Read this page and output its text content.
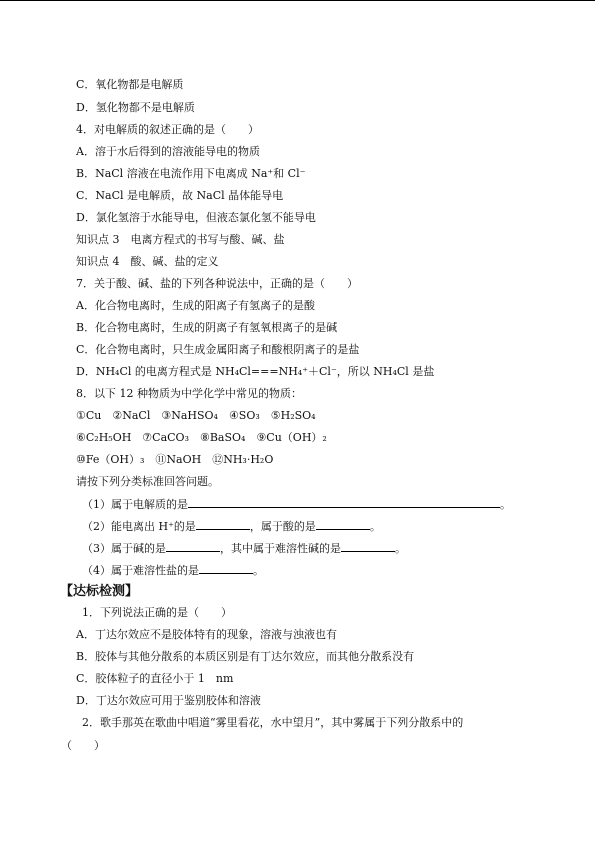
C．氧化物都是电解质
D．氢化物都不是电解质
4．对电解质的叙述正确的是（　　）
A．溶于水后得到的溶液能导电的物质
B．NaCl 溶液在电流作用下电离成 Na⁺和 Cl⁻
C．NaCl 是电解质，故 NaCl 晶体能导电
D．氯化氢溶于水能导电，但液态氯化氢不能导电
知识点 3　电离方程式的书写与酸、碱、盐
知识点 4　酸、碱、盐的定义
7．关于酸、碱、盐的下列各种说法中，正确的是（　　）
A．化合物电离时，生成的阳离子有氢离子的是酸
B．化合物电离时，生成的阴离子有氢氧根离子的是碱
C．化合物电离时，只生成金属阳离子和酸根阴离子的是盐
D．NH₄Cl 的电离方程式是 NH₄Cl===NH₄⁺＋Cl⁻，所以 NH₄Cl 是盐
8．以下 12 种物质为中学化学中常见的物质：
①Cu　②NaCl　③NaHSO₄　④SO₃　⑤H₂SO₄
⑥C₂H₅OH　⑦CaCO₃　⑧BaSO₄　⑨Cu（OH）₂
⑩Fe（OH）₃　⑪NaOH　⑫NH₃·H₂O
请按下列分类标准回答问题。
（1）属于电解质的是	。
（2）能电离出 H⁺的是	，属于酸的是	。
（3）属于碱的是	，其中属于难溶性碱的是	。
（4）属于难溶性盐的是	。
【达标检测】
1．下列说法正确的是（　　）
A．丁达尔效应不是胶体特有的现象，溶液与浊液也有
B．胶体与其他分散系的本质区别是有丁达尔效应，而其他分散系没有
C．胶体粒子的直径小于 1　nm
D．丁达尔效应可用于鉴别胶体和溶液
2．歌手那英在歌曲中唱道“雾里看花，水中望月”，其中雾属于下列分散系中的
（　　）
